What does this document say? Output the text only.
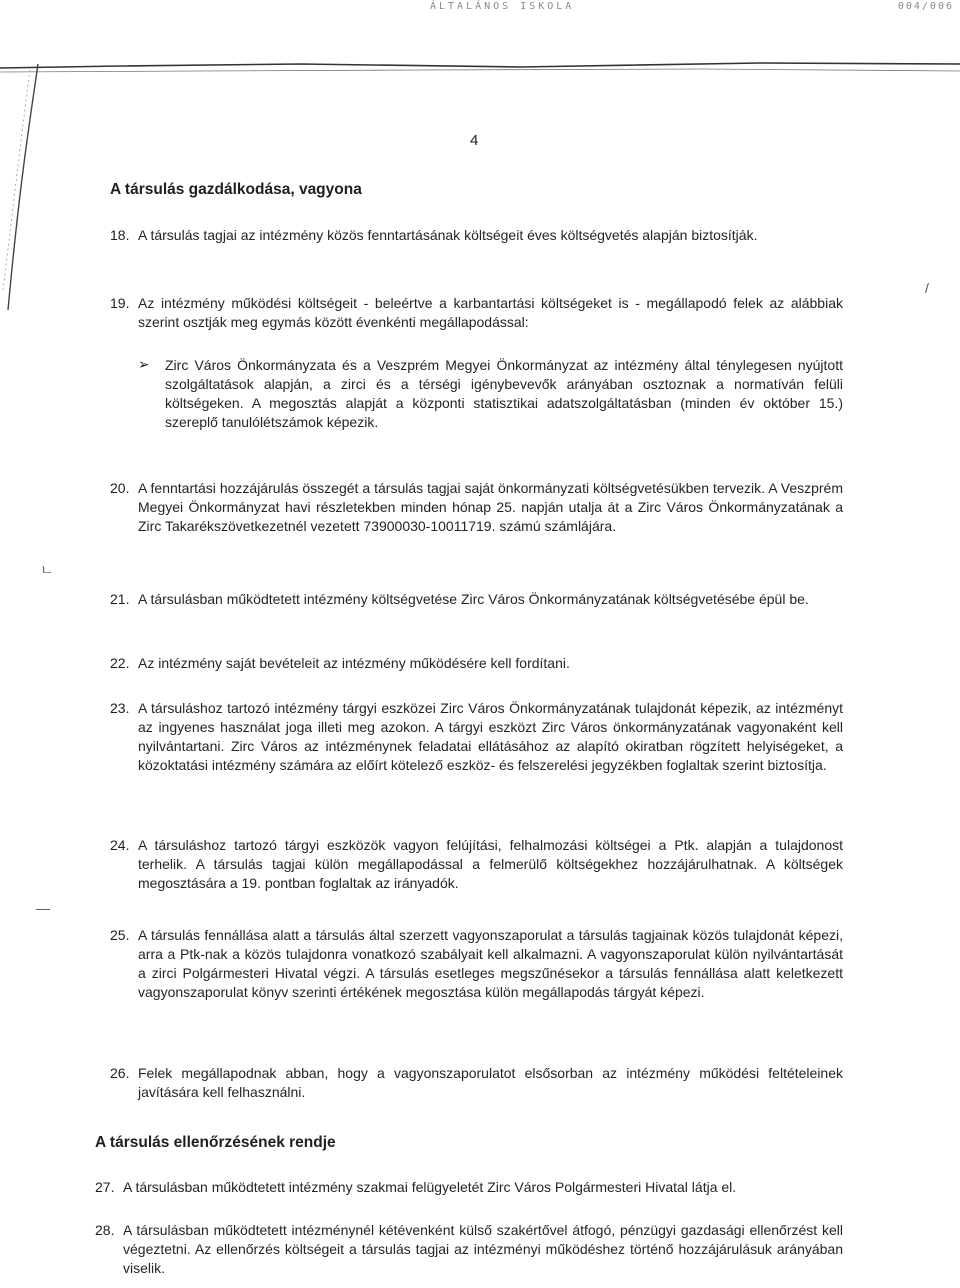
ÁLTALÁNOS ISKOLA	004/006
4
A társulás gazdálkodása, vagyona
18. A társulás tagjai az intézmény közös fenntartásának költségeit éves költségvetés alapján biztosítják.
19. Az intézmény működési költségeit - beleértve a karbantartási költségeket is - megállapodó felek az alábbiak szerint osztják meg egymás között évenkénti megállapodással:
/
➢ Zirc Város Önkormányzata és a Veszprém Megyei Önkormányzat az intézmény által ténylegesen nyújtott szolgáltatások alapján, a zirci és a térségi igénybevevők arányában osztoznak a normatíván felüli költségeken. A megosztás alapját a központi statisztikai adatszolgáltatásban (minden év október 15.) szereplő tanulólétszámok képezik.
20. A fenntartási hozzájárulás összegét a társulás tagjai saját önkormányzati költségvetésükben tervezik. A Veszprém Megyei Önkormányzat havi részletekben minden hónap 25. napján utalja át a Zirc Város Önkormányzatának a Zirc Takarékszövetkezetnél vezetett 73900030-10011719. számú számlájára.
ㄴ
21. A társulásban működtetett intézmény költségvetése Zirc Város Önkormányzatának költségvetésébe épül be.
22. Az intézmény saját bevételeit az intézmény működésére kell fordítani.
23. A társuláshoz tartozó intézmény tárgyi eszközei Zirc Város Önkormányzatának tulajdonát képezik, az intézményt az ingyenes használat joga illeti meg azokon. A tárgyi eszközt Zirc Város önkormányzatának vagyonaként kell nyilvántartani. Zirc Város az intézménynek feladatai ellátásához az alapító okiratban rögzített helyiségeket, a közoktatási intézmény számára az előírt kötelező eszköz- és felszerelési jegyzékben foglaltak szerint biztosítja.
24. A társuláshoz tartozó tárgyi eszközök vagyon felújítási, felhalmozási költségei a Ptk. alapján a tulajdonost terhelik. A társulás tagjai külön megállapodással a felmerülő költségekhez hozzájárulhatnak. A költségek megosztására a 19. pontban foglaltak az irányadók.
—
25. A társulás fennállása alatt a társulás által szerzett vagyonszaporulat a társulás tagjainak közös tulajdonát képezi, arra a Ptk-nak a közös tulajdonra vonatkozó szabályait kell alkalmazni. A vagyonszaporulat külön nyilvántartását a zirci Polgármesteri Hivatal végzi. A társulás esetleges megszűnésekor a társulás fennállása alatt keletkezett vagyonszaporulat könyv szerinti értékének megosztása külön megállapodás tárgyát képezi.
26. Felek megállapodnak abban, hogy a vagyonszaporulatot elsősorban az intézmény működési feltételeinek javítására kell felhasználni.
A társulás ellenőrzésének rendje
27. A társulásban működtetett intézmény szakmai felügyeletét Zirc Város Polgármesteri Hivatal látja el.
28. A társulásban működtetett intézménynél kétévenként külső szakértővel átfogó, pénzügyi gazdasági ellenőrzést kell végeztetni. Az ellenőrzés költségeit a társulás tagjai az intézményi működéshez történő hozzájárulásuk arányában viselik.
